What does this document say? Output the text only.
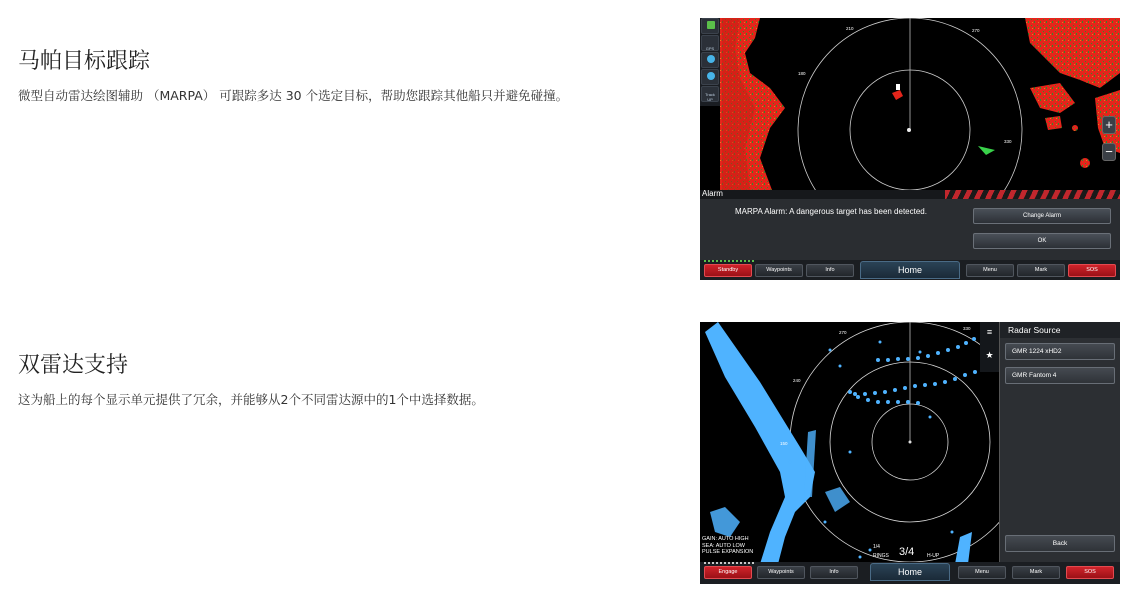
马帕目标跟踪

微型自动雷达绘图辅助 （MARPA） 可跟踪多达 30 个选定目标，帮助您跟踪其他船只并避免碰撞。

双雷达支持

这为船上的每个显示单元提供了冗余，并能够从2个不同雷达源中的1个中选择数据。

210	270
180
330
GPS
Track UP
+
−
Alarm
MARPA Alarm: A dangerous target has been detected.	Change Alarm
OK
Standby	Waypoints	Info	Home	Menu	Mark	SOS
270
240
330
150
≡
★
GAIN: AUTO HIGH
SEA: AUTO LOW
PULSE EXPANSION
1/4
RINGS 3/4	H-UP
Radar Source
GMR 1224 xHD2
GMR Fantom 4
Back
Engage	Waypoints	Info	Home	Menu	Mark	SOS
